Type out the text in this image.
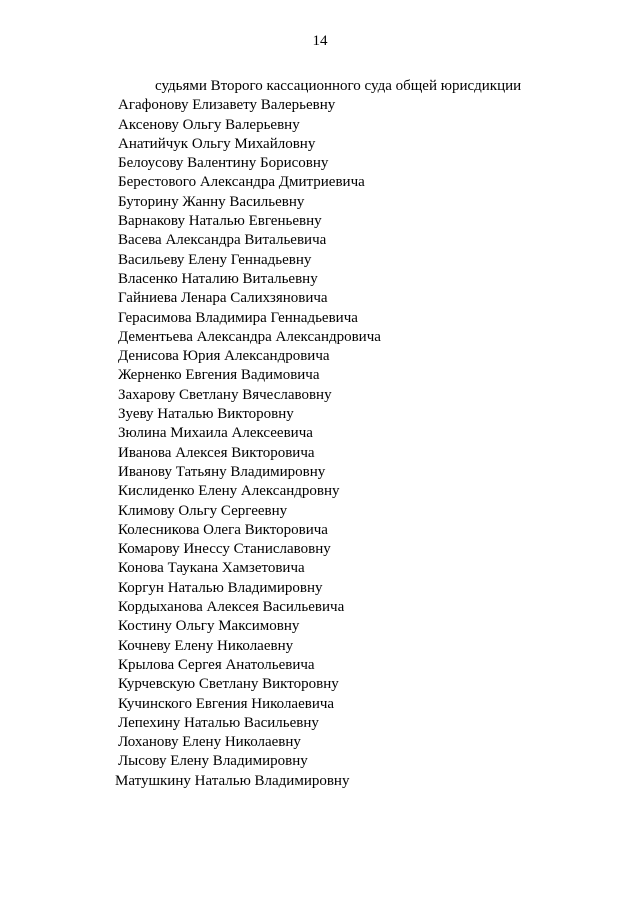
14
судьями Второго кассационного суда общей юрисдикции
Агафонову Елизавету Валерьевну
Аксенову Ольгу Валерьевну
Анатийчук Ольгу Михайловну
Белоусову Валентину Борисовну
Берестового Александра Дмитриевича
Буторину Жанну Васильевну
Варнакову Наталью Евгеньевну
Васева Александра Витальевича
Васильеву Елену Геннадьевну
Власенко Наталию Витальевну
Гайниева Ленара Салихзяновича
Герасимова Владимира Геннадьевича
Дементьева Александра Александровича
Денисова Юрия Александровича
Жерненко Евгения Вадимовича
Захарову Светлану Вячеславовну
Зуеву Наталью Викторовну
Зюлина Михаила Алексеевича
Иванова Алексея Викторовича
Иванову Татьяну Владимировну
Кислиденко Елену Александровну
Климову Ольгу Сергеевну
Колесникова Олега Викторовича
Комарову Инессу Станиславовну
Конова Таукана Хамзетовича
Коргун Наталью Владимировну
Кордыханова Алексея Васильевича
Костину Ольгу Максимовну
Кочневу Елену Николаевну
Крылова Сергея Анатольевича
Курчевскую Светлану Викторовну
Кучинского Евгения Николаевича
Лепехину Наталью Васильевну
Лоханову Елену Николаевну
Лысову Елену Владимировну
Матушкину Наталью Владимировну
